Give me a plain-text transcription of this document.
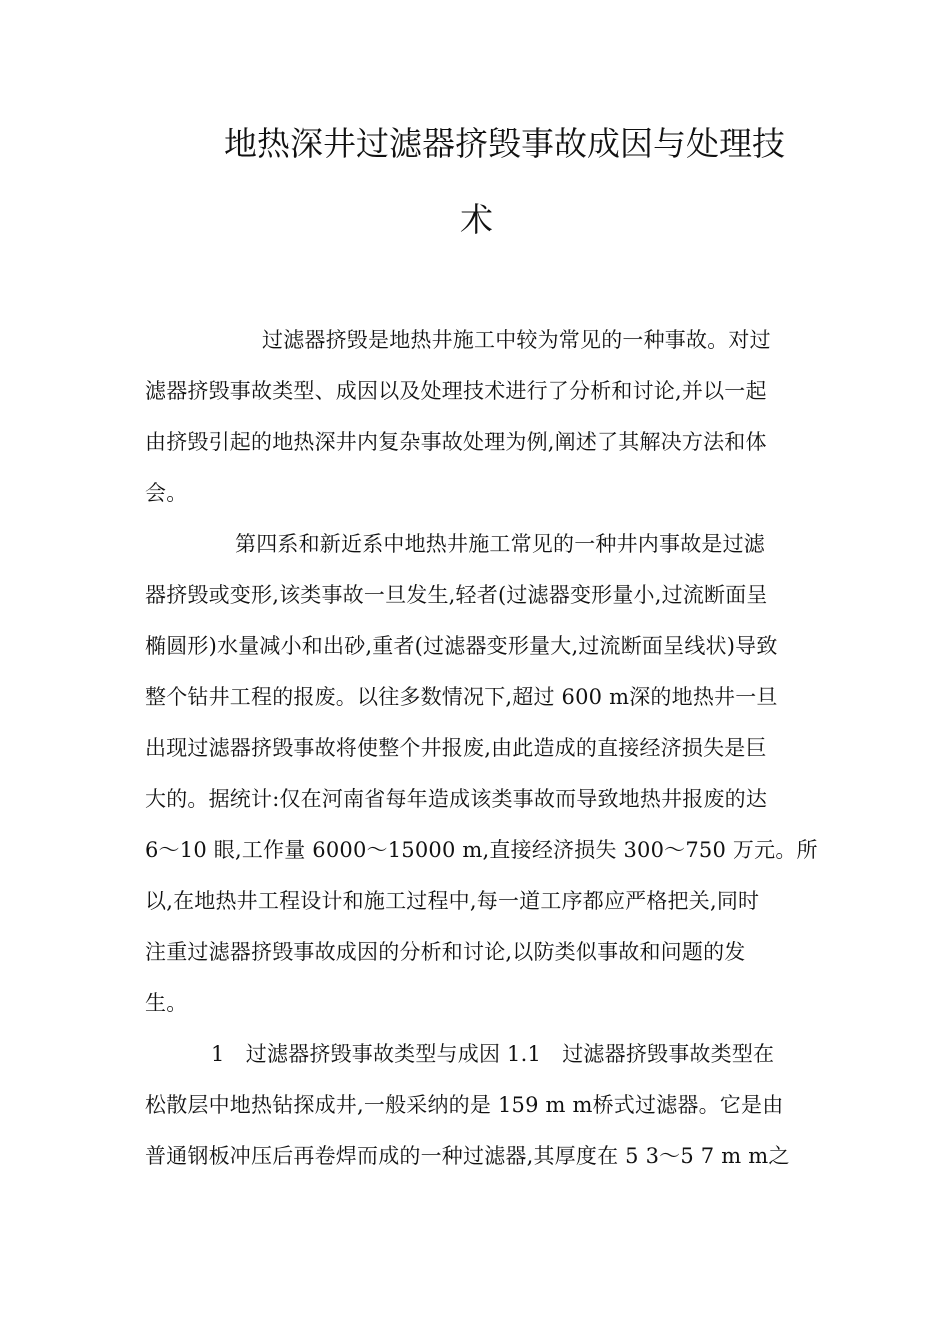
地热深井过滤器挤毁事故成因与处理技
术
过滤器挤毁是地热井施工中较为常见的一种事故。对过
滤器挤毁事故类型、成因以及处理技术进行了分析和讨论,并以一起
由挤毁引起的地热深井内复杂事故处理为例,阐述了其解决方法和体
会。
第四系和新近系中地热井施工常见的一种井内事故是过滤
器挤毁或变形,该类事故一旦发生,轻者(过滤器变形量小,过流断面呈
椭圆形)水量减小和出砂,重者(过滤器变形量大,过流断面呈线状)导致
整个钻井工程的报废。以往多数情况下,超过 600 m深的地热井一旦
出现过滤器挤毁事故将使整个井报废,由此造成的直接经济损失是巨
大的。据统计:仅在河南省每年造成该类事故而导致地热井报废的达
6～10 眼,工作量 6000～15000 m,直接经济损失 300～750 万元。所
以,在地热井工程设计和施工过程中,每一道工序都应严格把关,同时
注重过滤器挤毁事故成因的分析和讨论,以防类似事故和问题的发
生。
1　过滤器挤毁事故类型与成因 1.1　过滤器挤毁事故类型在
松散层中地热钻探成井,一般采纳的是 159 m m桥式过滤器。它是由
普通钢板冲压后再卷焊而成的一种过滤器,其厚度在 5 3～5 7 m m之
